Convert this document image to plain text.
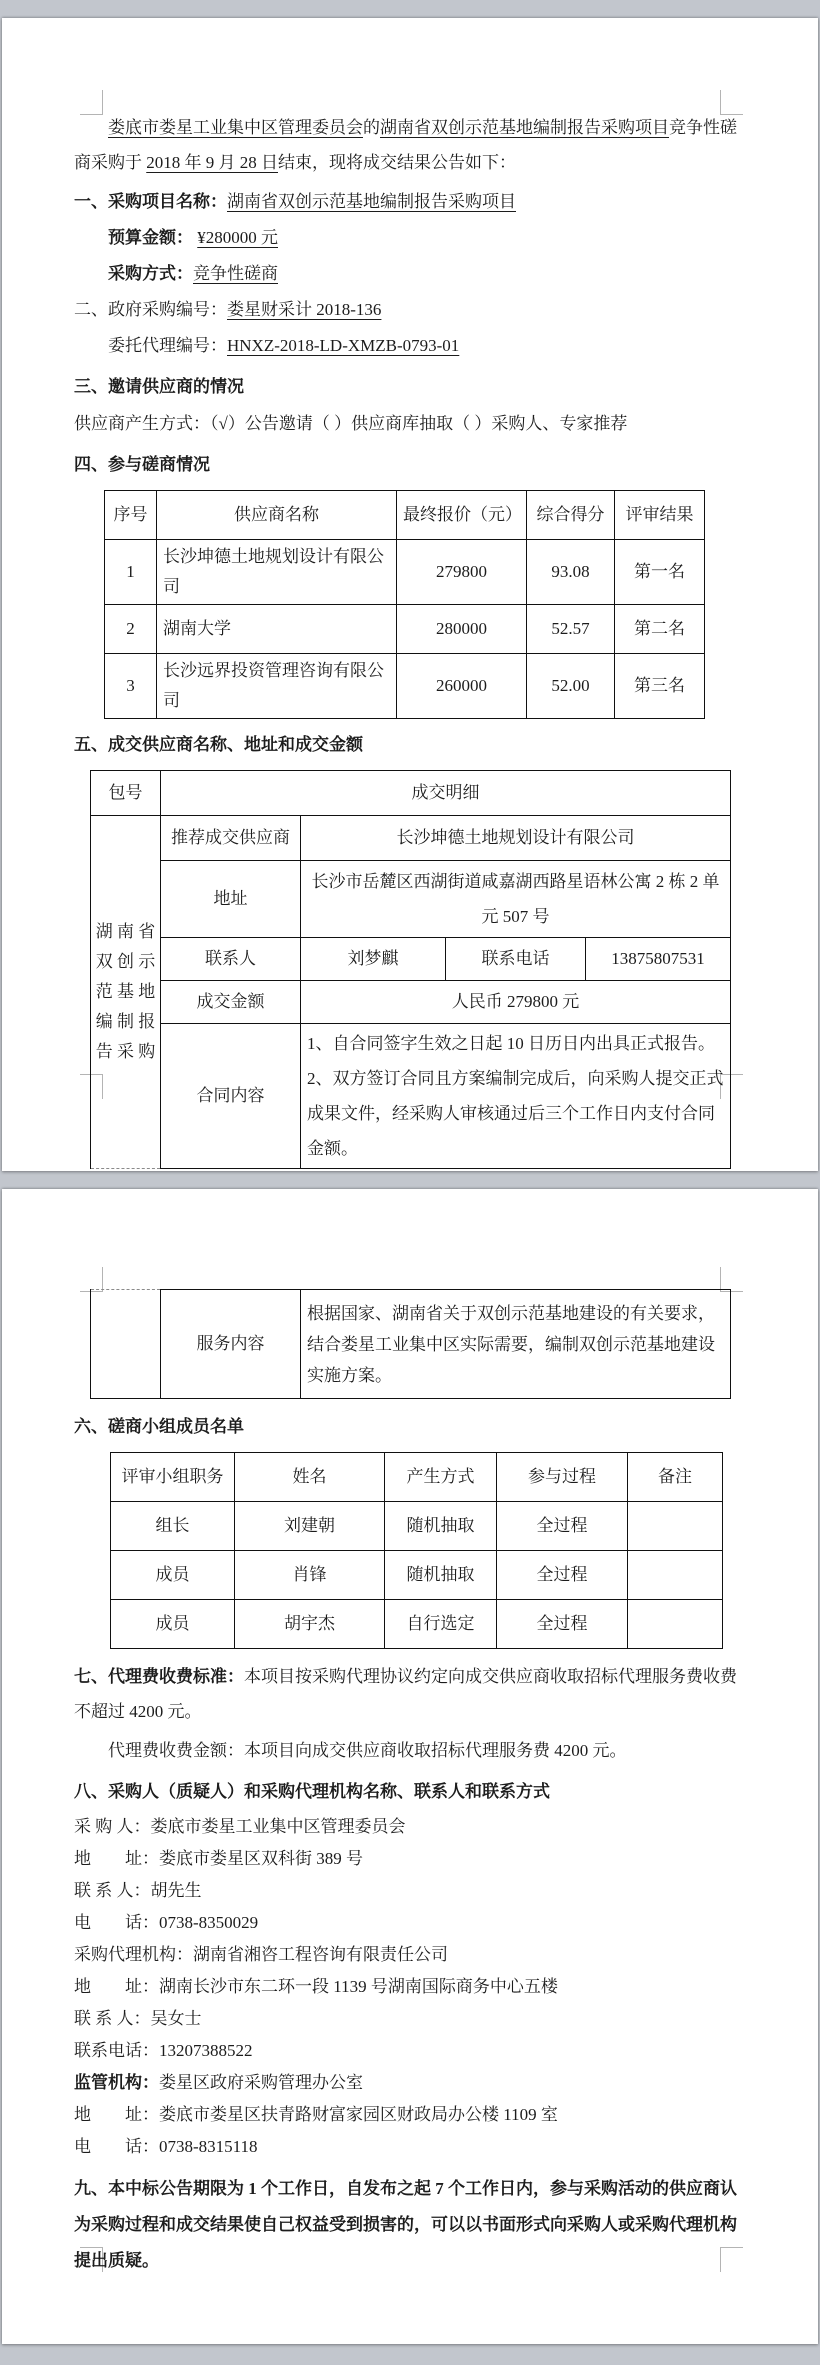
娄底市娄星工业集中区管理委员会的湖南省双创示范基地编制报告采购项目竞争性磋商采购于 2018 年 9 月 28 日结束，现将成交结果公告如下：

一、采购项目名称：湖南省双创示范基地编制报告采购项目

预算金额： ¥280000 元

采购方式：竞争性磋商

二、政府采购编号：娄星财采计 2018-136

委托代理编号：HNXZ-2018-LD-XMZB-0793-01

三、邀请供应商的情况

供应商产生方式：（√）公告邀请（ ）供应商库抽取（ ）采购人、专家推荐

四、参与磋商情况

序号	供应商名称	最终报价（元）	综合得分	评审结果
1	长沙坤德土地规划设计有限公司	279800	93.08	第一名
2	湖南大学	280000	52.57	第二名
3	长沙远界投资管理咨询有限公司	260000	52.00	第三名

五、成交供应商名称、地址和成交金额

包号	成交明细			

湖 南 省
双 创 示
范 基 地
编 制 报
告 采 购	推荐成交供应商	长沙坤德土地规划设计有限公司		
	地址	长沙市岳麓区西湖街道咸嘉湖西路星语林公寓 2 栋 2 单元 507 号		
	联系人	刘梦麒	联系电话	13875807531
	成交金额	人民币 279800 元		
	合同内容	1、自合同签字生效之日起 10 日历日内出具正式报告。
2、双方签订合同且方案编制完成后，向采购人提交正式成果文件，经采购人审核通过后三个工作日内支付合同金额。		
	服务内容	根据国家、湖南省关于双创示范基地建设的有关要求，结合娄星工业集中区实际需要，编制双创示范基地建设实施方案。

六、磋商小组成员名单

评审小组职务	姓名	产生方式	参与过程	备注
组长	刘建朝	随机抽取	全过程	
成员	肖锋	随机抽取	全过程	
成员	胡宇杰	自行选定	全过程	

七、代理费收费标准：本项目按采购代理协议约定向成交供应商收取招标代理服务费收费不超过 4200 元。

代理费收费金额：本项目向成交供应商收取招标代理服务费 4200 元。

八、采购人（质疑人）和采购代理机构名称、联系人和联系方式

采 购 人：娄底市娄星工业集中区管理委员会

地　　址：娄底市娄星区双科街 389 号

联 系 人：胡先生

电　　话：0738-8350029

采购代理机构：湖南省湘咨工程咨询有限责任公司

地　　址：湖南长沙市东二环一段 1139 号湖南国际商务中心五楼

联 系 人：吴女士

联系电话：13207388522

监管机构：娄星区政府采购管理办公室

地　　址：娄底市娄星区扶青路财富家园区财政局办公楼 1109 室

电　　话：0738-8315118

九、本中标公告期限为 1 个工作日，自发布之起 7 个工作日内，参与采购活动的供应商认为采购过程和成交结果使自己权益受到损害的，可以以书面形式向采购人或采购代理机构提出质疑。
